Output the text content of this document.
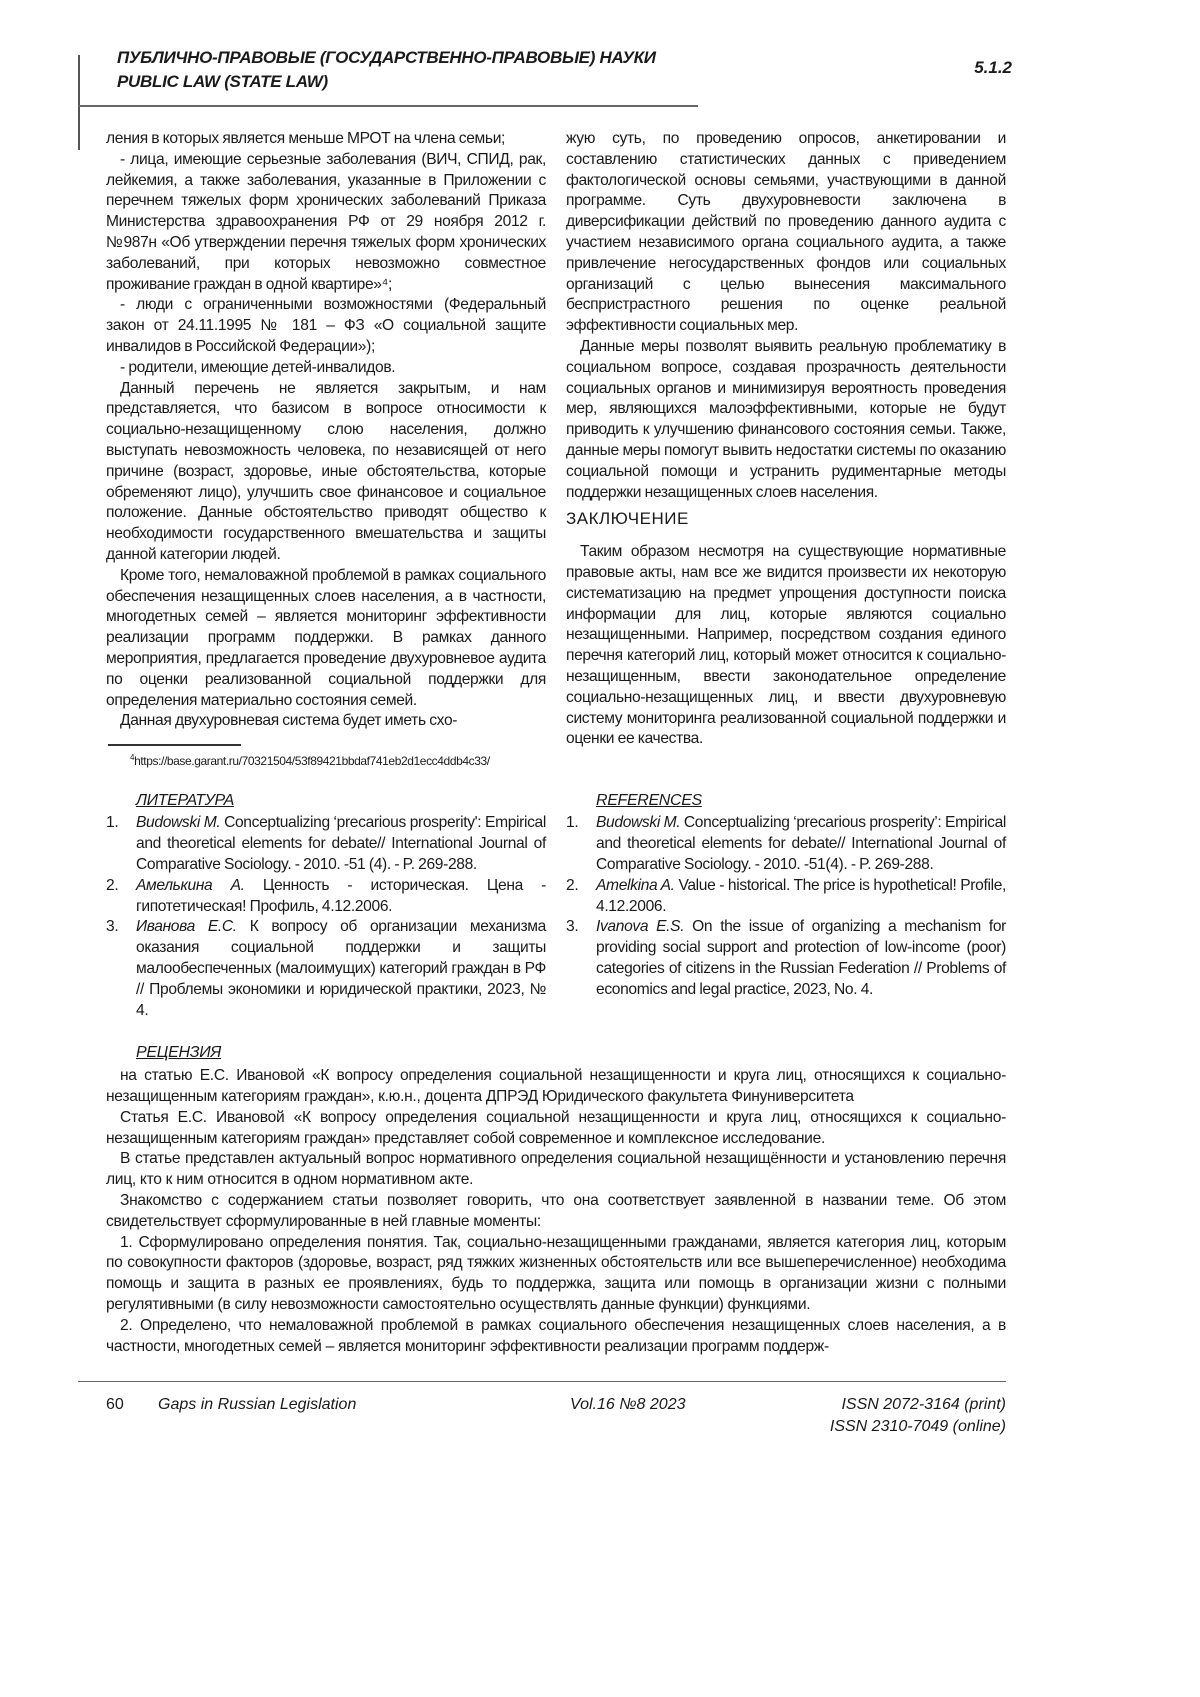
ПУБЛИЧНО-ПРАВОВЫЕ (ГОСУДАРСТВЕННО-ПРАВОВЫЕ) НАУКИ
PUBLIC LAW (STATE LAW)
5.1.2

ления в которых является меньше МРОТ на члена семьи;

- лица, имеющие серьезные заболевания (ВИЧ, СПИД, рак, лейкемия, а также заболевания, указанные в Приложении с перечнем тяжелых форм хронических заболеваний Приказа Министерства здравоохранения РФ от 29 ноября 2012 г. №987н «Об утверждении перечня тяжелых форм хронических заболеваний, при которых невозможно совместное проживание граждан в одной квартире»⁴;

- люди с ограниченными возможностями (Федеральный закон от 24.11.1995 № 181 – ФЗ «О социальной защите инвалидов в Российской Федерации»);

- родители, имеющие детей-инвалидов.

Данный перечень не является закрытым, и нам представляется, что базисом в вопросе относимости к социально-незащищенному слою населения, должно выступать невозможность человека, по независящей от него причине (возраст, здоровье, иные обстоятельства, которые обременяют лицо), улучшить свое финансовое и социальное положение. Данные обстоятельство приводят общество к необходимости государственного вмешательства и защиты данной категории людей.

Кроме того, немаловажной проблемой в рамках социального обеспечения незащищенных слоев населения, а в частности, многодетных семей – является мониторинг эффективности реализации программ поддержки. В рамках данного мероприятия, предлагается проведение двухуровневое аудита по оценки реализованной социальной поддержки для определения материально состояния семей.

Данная двухуровневая система будет иметь схо-

4https://base.garant.ru/70321504/53f89421bbdaf741eb2d1ecc4ddb4c33/

жую суть, по проведению опросов, анкетировании и составлению статистических данных с приведением фактологической основы семьями, участвующими в данной программе. Суть двухуровневости заключена в диверсификации действий по проведению данного аудита с участием независимого органа социального аудита, а также привлечение негосударственных фондов или социальных организаций с целью вынесения максимального беспристрастного решения по оценке реальной эффективности социальных мер.

Данные меры позволят выявить реальную проблематику в социальном вопросе, создавая прозрачность деятельности социальных органов и минимизируя вероятность проведения мер, являющихся малоэффективными, которые не будут приводить к улучшению финансового состояния семьи. Также, данные меры помогут вывить недостатки системы по оказанию социальной помощи и устранить рудиментарные методы поддержки незащищенных слоев населения.

ЗАКЛЮЧЕНИЕ

Таким образом несмотря на существующие нормативные правовые акты, нам все же видится произвести их некоторую систематизацию на предмет упрощения доступности поиска информации для лиц, которые являются социально незащищенными. Например, посредством создания единого перечня категорий лиц, который может относится к социально-незащищенным, ввести законодательное определение социально-незащищенных лиц, и ввести двухуровневую систему мониторинга реализованной социальной поддержки и оценки ее качества.

ЛИТЕРАТУРА
1.	Budowski M. Conceptualizing ‘precarious prosperity': Empirical and theoretical elements for debate// International Journal of Comparative Sociology. - 2010. -51 (4). - P. 269-288.
2.	Амелькина А. Ценность - историческая. Цена - гипотетическая! Профиль, 4.12.2006.
3.	Иванова Е.С. К вопросу об организации механизма оказания социальной поддержки и защиты малообеспеченных (малоимущих) категорий граждан в РФ // Проблемы экономики и юридической практики, 2023, № 4.
REFERENCES
1.	Budowski M. Conceptualizing ‘precarious prosperity’: Empirical and theoretical elements for debate// International Journal of Comparative Sociology. - 2010. -51(4). - P. 269-288.
2.	Amelkina A. Value - historical. The price is hypothetical! Profile, 4.12.2006.
3.	Ivanova E.S. On the issue of organizing a mechanism for providing social support and protection of low-income (poor) categories of citizens in the Russian Federation // Problems of economics and legal practice, 2023, No. 4.
РЕЦЕНЗИЯ

на статью Е.С. Ивановой «К вопросу определения социальной незащищенности и круга лиц, относящихся к социально-незащищенным категориям граждан», к.ю.н., доцента ДПРЭД Юридического факультета Финуниверситета

Статья Е.С. Ивановой «К вопросу определения социальной незащищенности и круга лиц, относящихся к социально-незащищенным категориям граждан» представляет собой современное и комплексное исследование.

В статье представлен актуальный вопрос нормативного определения социальной незащищённости и установлению перечня лиц, кто к ним относится в одном нормативном акте.

Знакомство с содержанием статьи позволяет говорить, что она соответствует заявленной в названии теме. Об этом свидетельствует сформулированные в ней главные моменты:

1. Сформулировано определения понятия. Так, социально-незащищенными гражданами, является категория лиц, которым по совокупности факторов (здоровье, возраст, ряд тяжких жизненных обстоятельств или все вышеперечисленное) необходима помощь и защита в разных ее проявлениях, будь то поддержка, защита или помощь в организации жизни с полными регулятивными (в силу невозможности самостоятельно осуществлять данные функции) функциями.

2. Определено, что немаловажной проблемой в рамках социального обеспечения незащищенных слоев населения, а в частности, многодетных семей – является мониторинг эффективности реализации программ поддерж-

60 Gaps in Russian Legislation	Vol.16 №8 2023	ISSN 2072-3164 (print)
ISSN 2310-7049 (online)
